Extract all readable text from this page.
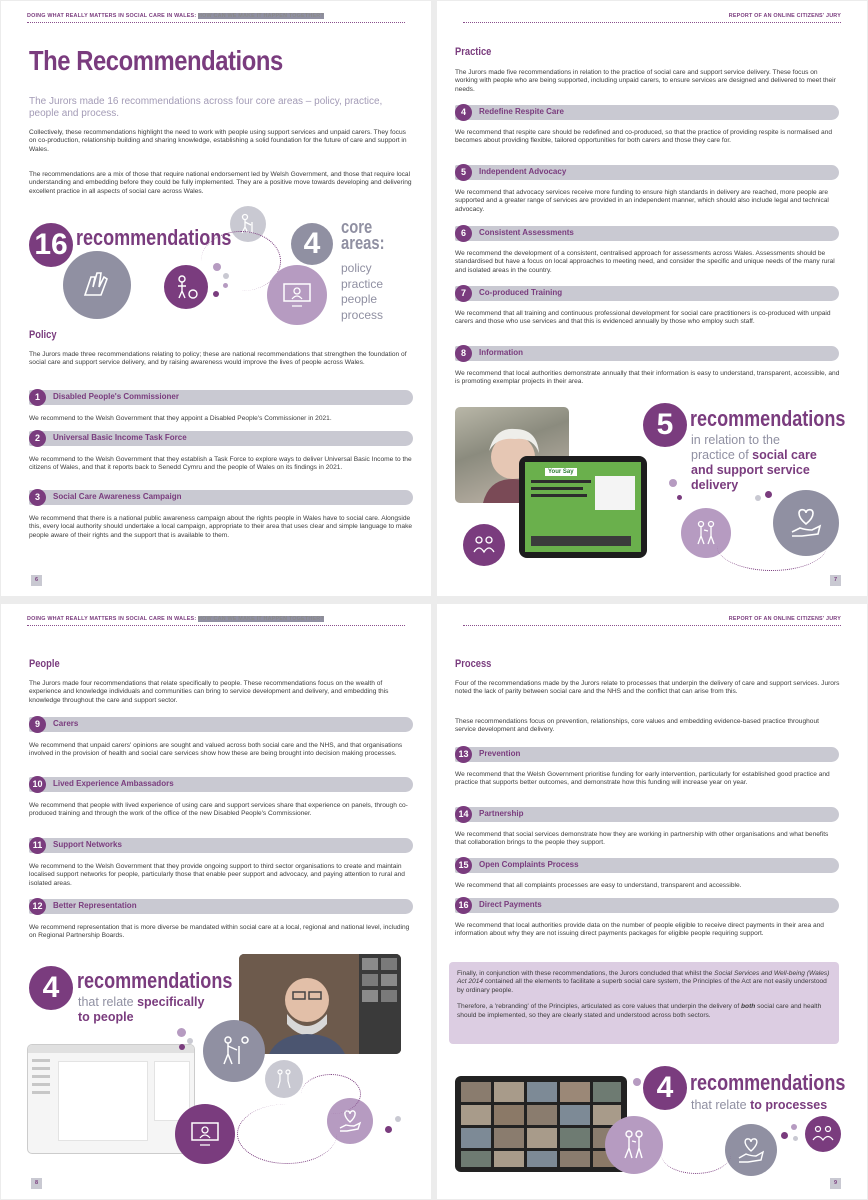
DOING WHAT REALLY MATTERS IN SOCIAL CARE IN WALES: HOW CAN WE MAKE IT HAPPEN TOGETHER?
The Recommendations
The Jurors made 16 recommendations across four core areas – policy, practice, people and process.
Collectively, these recommendations highlight the need to work with people using support services and unpaid carers. They focus on co-production, relationship building and sharing knowledge, establishing a solid foundation for the future of care and support in Wales.
The recommendations are a mix of those that require national endorsement led by Welsh Government, and those that require local understanding and embedding before they could be fully implemented. They are a positive move towards developing and delivering excellent practice in all aspects of social care across Wales.
16 recommendations	4	core
areas:
policy
practice
people
process
Policy
The Jurors made three recommendations relating to policy; these are national recommendations that strengthen the foundation of social care and support service delivery, and by raising awareness would improve the lives of people across Wales.
1	Disabled People's Commissioner
We recommend to the Welsh Government that they appoint a Disabled People's Commissioner in 2021.
2	Universal Basic Income Task Force
We recommend to the Welsh Government that they establish a Task Force to explore ways to deliver Universal Basic Income to the citizens of Wales, and that it reports back to Senedd Cymru and the people of Wales on its findings in 2021.
3	Social Care Awareness Campaign
We recommend that there is a national public awareness campaign about the rights people in Wales have to social care. Alongside this, every local authority should undertake a local campaign, appropriate to their area that uses clear and simple language to make people aware of their rights and the support that is available to them.
6
REPORT OF AN ONLINE CITIZENS' JURY
Practice
The Jurors made five recommendations in relation to the practice of social care and support service delivery. These focus on working with people who are being supported, including unpaid carers, to ensure services are designed and delivered to meet their needs.
4	Redefine Respite Care
We recommend that respite care should be redefined and co-produced, so that the practice of providing respite is normalised and becomes about providing flexible, tailored opportunities for both carers and those they care for.
5	Independent Advocacy
We recommend that advocacy services receive more funding to ensure high standards in delivery are reached, more people are supported and a greater range of services are provided in an independent manner, which should also include legal and technical advocacy.
6	Consistent Assessments
We recommend the development of a consistent, centralised approach for assessments across Wales. Assessments should be standardised but have a focus on local approaches to meeting need, and consider the specific and unique needs of the many rural and isolated areas in the country.
7	Co-produced Training
We recommend that all training and continuous professional development for social care practitioners is co-produced with unpaid carers and those who use services and that this is evidenced annually by those who employ such staff.
8	Information
We recommend that local authorities demonstrate annually that their information is easy to understand, transparent, accessible, and is promoting exemplar projects in their area.
Your Say
5 recommendations
in relation to the
practice of social care
and support service
delivery
7
DOING WHAT REALLY MATTERS IN SOCIAL CARE IN WALES: HOW CAN WE MAKE IT HAPPEN TOGETHER?
People
The Jurors made four recommendations that relate specifically to people. These recommendations focus on the wealth of experience and knowledge individuals and communities can bring to service development and delivery, and embedding this knowledge throughout the care and support sector.
9	Carers
We recommend that unpaid carers' opinions are sought and valued across both social care and the NHS, and that organisations involved in the provision of health and social care services show how these are being brought into decision making processes.
10	Lived Experience Ambassadors
We recommend that people with lived experience of using care and support services share that experience on panels, through co-produced training and through the work of the office of the new Disabled People's Commissioner.
11	Support Networks
We recommend to the Welsh Government that they provide ongoing support to third sector organisations to create and maintain localised support networks for people, particularly those that enable peer support and advocacy, and paying attention to rural and isolated areas.
12	Better Representation
We recommend representation that is more diverse be mandated within social care at a local, regional and national level, including on Regional Partnership Boards.
4 recommendations
that relate specifically
to people
8
REPORT OF AN ONLINE CITIZENS' JURY
Process
Four of the recommendations made by the Jurors relate to processes that underpin the delivery of care and support services. Jurors noted the lack of parity between social care and the NHS and the conflict that can arise from this.
These recommendations focus on prevention, relationships, core values and embedding evidence-based practice throughout service development and delivery.
13	Prevention
We recommend that the Welsh Government prioritise funding for early intervention, particularly for established good practice and practice that supports better outcomes, and demonstrate how this funding will increase year on year.
14	Partnership
We recommend that social services demonstrate how they are working in partnership with other organisations and what benefits that collaboration brings to the people they support.
15	Open Complaints Process
We recommend that all complaints processes are easy to understand, transparent and accessible.
16	Direct Payments
We recommend that local authorities provide data on the number of people eligible to receive direct payments in their area and information about why they are not issuing direct payments packages for eligible people requiring support.

Finally, in conjunction with these recommendations, the Jurors concluded that whilst the Social Services and Well-being (Wales) Act 2014 contained all the elements to facilitate a superb social care system, the Principles of the Act are not easily understood by ordinary people.

Therefore, a 'rebranding' of the Principles, articulated as core values that underpin the delivery of both social care and health should be implemented, so they are clearly stated and understood across both sectors.

4 recommendations
that relate to processes
9
